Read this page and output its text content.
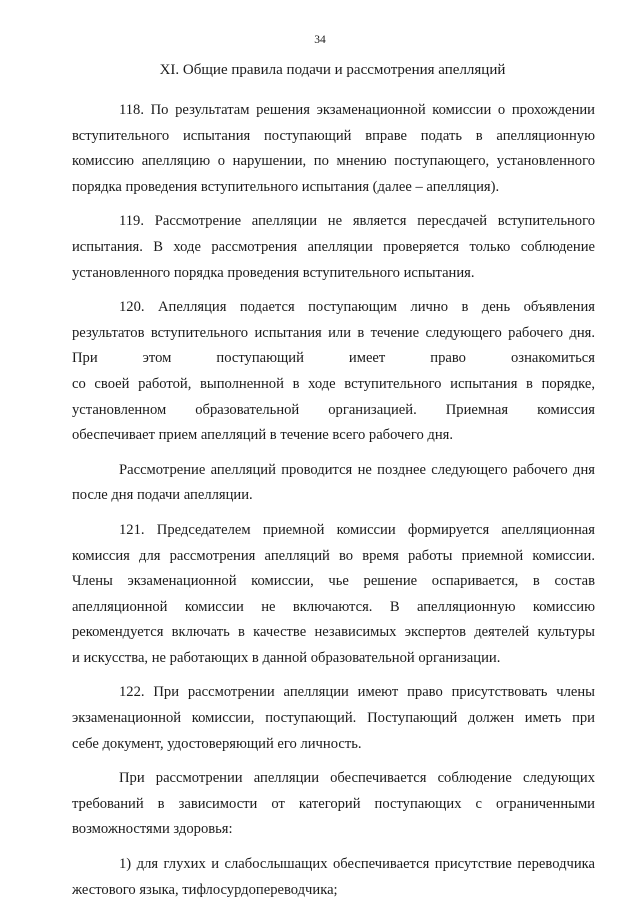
34
XI. Общие правила подачи и рассмотрения апелляций
118. По результатам решения экзаменационной комиссии о прохождении
вступительного испытания поступающий вправе подать в апелляционную
комиссию апелляцию о нарушении, по мнению поступающего, установленного
порядка проведения вступительного испытания (далее – апелляция).
119. Рассмотрение апелляции не является пересдачей вступительного
испытания. В ходе рассмотрения апелляции проверяется только соблюдение
установленного порядка проведения вступительного испытания.
120. Апелляция подается поступающим лично в день объявления
результатов вступительного испытания или в течение следующего рабочего дня.
При этом поступающий имеет право ознакомиться
со своей работой, выполненной в ходе вступительного испытания в порядке,
установленном образовательной организацией. Приемная комиссия
обеспечивает прием апелляций в течение всего рабочего дня.
Рассмотрение апелляций проводится не позднее следующего рабочего дня
после дня подачи апелляции.
121. Председателем приемной комиссии формируется апелляционная
комиссия для рассмотрения апелляций во время работы приемной комиссии.
Члены экзаменационной комиссии, чье решение оспаривается, в состав
апелляционной комиссии не включаются. В апелляционную комиссию
рекомендуется включать в качестве независимых экспертов деятелей культуры
и искусства, не работающих в данной образовательной организации.
122. При рассмотрении апелляции имеют право присутствовать члены
экзаменационной комиссии, поступающий. Поступающий должен иметь при
себе документ, удостоверяющий его личность.
При рассмотрении апелляции обеспечивается соблюдение следующих
требований в зависимости от категорий поступающих с ограниченными
возможностями здоровья:
1) для глухих и слабослышащих обеспечивается присутствие переводчика
жестового языка, тифлосурдопереводчика;
